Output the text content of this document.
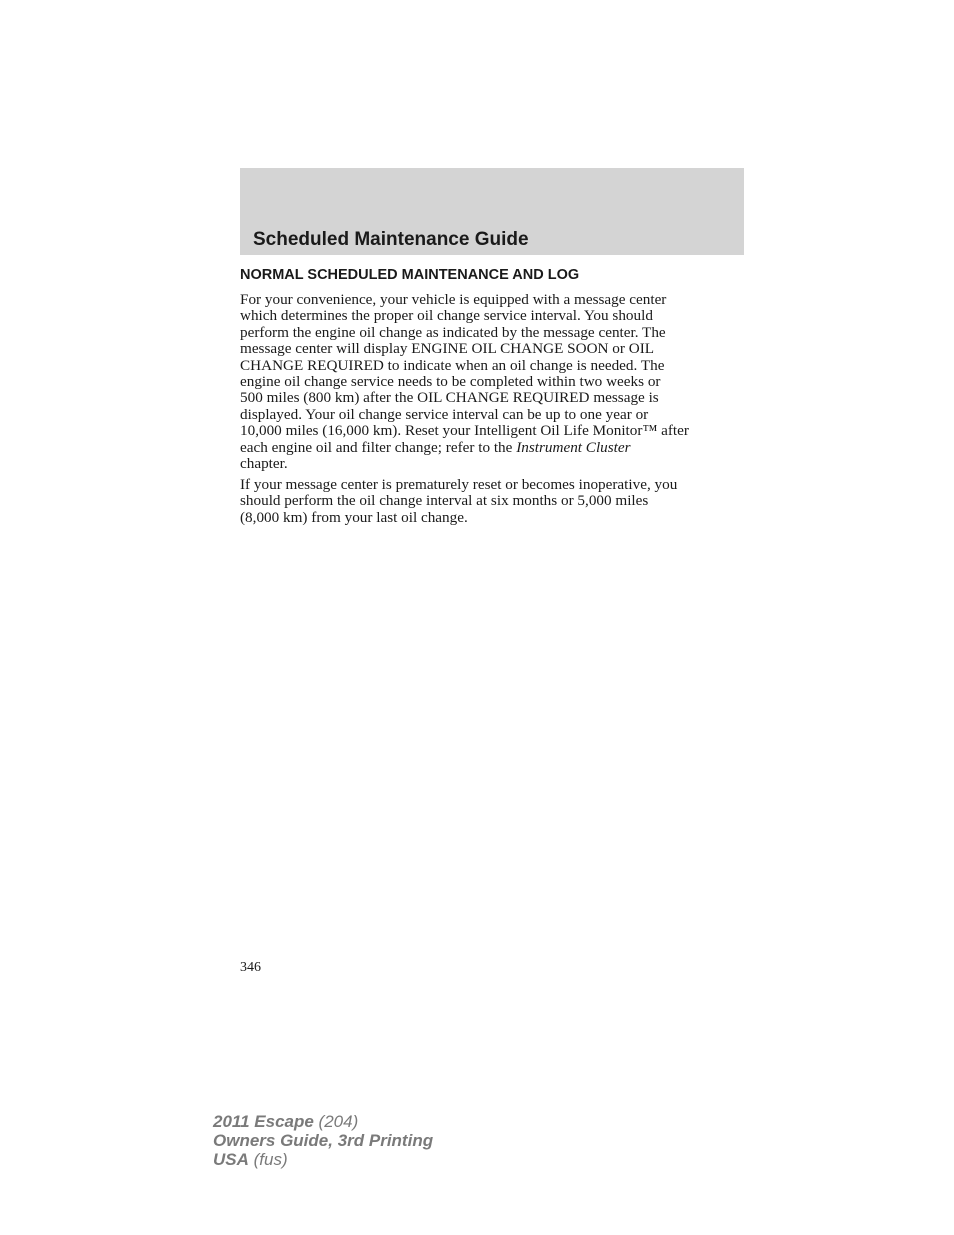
Scheduled Maintenance Guide
NORMAL SCHEDULED MAINTENANCE AND LOG
For your convenience, your vehicle is equipped with a message center
which determines the proper oil change service interval. You should
perform the engine oil change as indicated by the message center. The
message center will display ENGINE OIL CHANGE SOON or OIL
CHANGE REQUIRED to indicate when an oil change is needed. The
engine oil change service needs to be completed within two weeks or
500 miles (800 km) after the OIL CHANGE REQUIRED message is
displayed. Your oil change service interval can be up to one year or
10,000 miles (16,000 km). Reset your Intelligent Oil Life Monitor™ after
each engine oil and filter change; refer to the Instrument Cluster
chapter.
If your message center is prematurely reset or becomes inoperative, you
should perform the oil change interval at six months or 5,000 miles
(8,000 km) from your last oil change.
346
2011 Escape (204)
Owners Guide, 3rd Printing
USA (fus)
